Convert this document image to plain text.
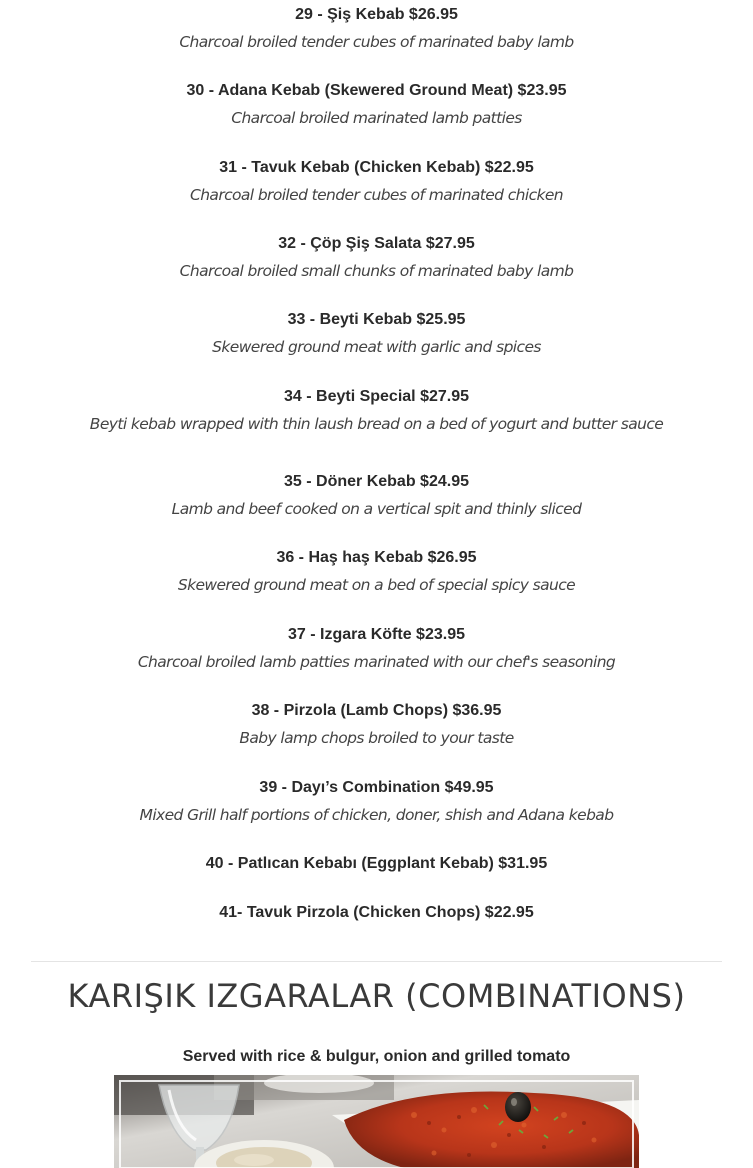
29 - Şiş Kebab $26.95
Charcoal broiled tender cubes of marinated baby lamb
30 - Adana Kebab (Skewered Ground Meat) $23.95
Charcoal broiled marinated lamb patties
31 - Tavuk Kebab (Chicken Kebab) $22.95
Charcoal broiled tender cubes of marinated chicken
32 - Çöp Şiş Salata $27.95
Charcoal broiled small chunks of marinated baby lamb
33 - Beyti Kebab $25.95
Skewered ground meat with garlic and spices
34 - Beyti Special $27.95
Beyti kebab wrapped with thin laush bread on a bed of yogurt and butter sauce
35 - Döner Kebab $24.95
Lamb and beef cooked on a vertical spit and thinly sliced
36 - Haş haş Kebab $26.95
Skewered ground meat on a bed of special spicy sauce
37 - Izgara Köfte $23.95
Charcoal broiled lamb patties marinated with our chef's seasoning
38 - Pirzola (Lamb Chops) $36.95
Baby lamp chops broiled to your taste
39 - Dayı’s Combination $49.95
Mixed Grill half portions of chicken, doner, shish and Adana kebab
40 - Patlıcan Kebabı (Eggplant Kebab) $31.95
41- Tavuk Pirzola (Chicken Chops) $22.95
KARIŞIK IZGARALAR (COMBINATIONS)
Served with rice & bulgur, onion and grilled tomato
